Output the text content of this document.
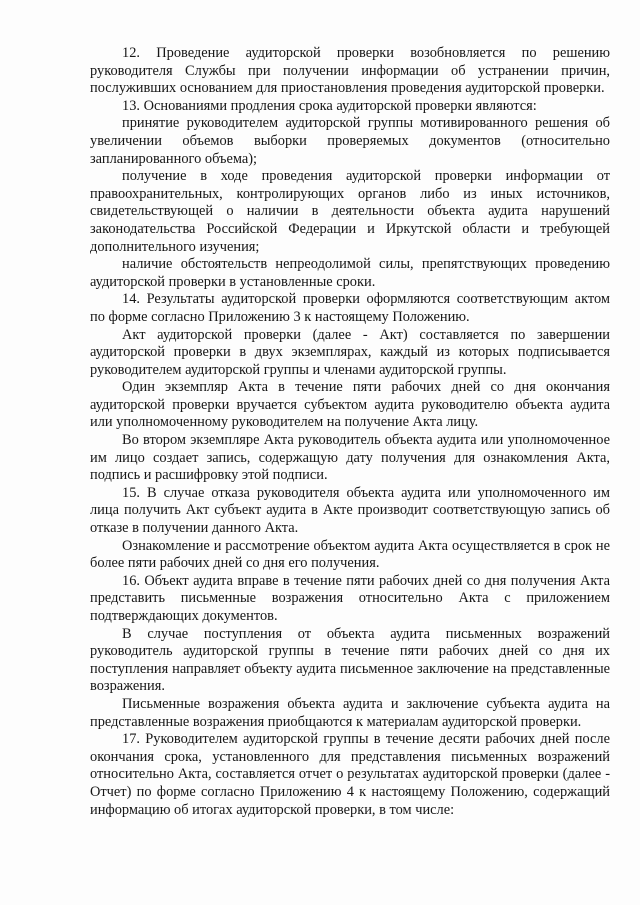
12. Проведение аудиторской проверки возобновляется по решению руководителя Службы при получении информации об устранении причин, послуживших основанием для приостановления проведения аудиторской проверки.

13. Основаниями продления срока аудиторской проверки являются:

принятие руководителем аудиторской группы мотивированного решения об увеличении объемов выборки проверяемых документов (относительно запланированного объема);

получение в ходе проведения аудиторской проверки информации от правоохранительных, контролирующих органов либо из иных источников, свидетельствующей о наличии в деятельности объекта аудита нарушений законодательства Российской Федерации и Иркутской области и требующей дополнительного изучения;

наличие обстоятельств непреодолимой силы, препятствующих проведению аудиторской проверки в установленные сроки.

14. Результаты аудиторской проверки оформляются соответствующим актом по форме согласно Приложению 3 к настоящему Положению.

Акт аудиторской проверки (далее - Акт) составляется по завершении аудиторской проверки в двух экземплярах, каждый из которых подписывается руководителем аудиторской группы и членами аудиторской группы.

Один экземпляр Акта в течение пяти рабочих дней со дня окончания аудиторской проверки вручается субъектом аудита руководителю объекта аудита или уполномоченному руководителем на получение Акта лицу.

Во втором экземпляре Акта руководитель объекта аудита или уполномоченное им лицо создает запись, содержащую дату получения для ознакомления Акта, подпись и расшифровку этой подписи.

15. В случае отказа руководителя объекта аудита или уполномоченного им лица получить Акт субъект аудита в Акте производит соответствующую запись об отказе в получении данного Акта.

Ознакомление и рассмотрение объектом аудита Акта осуществляется в срок не более пяти рабочих дней со дня его получения.

16. Объект аудита вправе в течение пяти рабочих дней со дня получения Акта представить письменные возражения относительно Акта с приложением подтверждающих документов.

В случае поступления от объекта аудита письменных возражений руководитель аудиторской группы в течение пяти рабочих дней со дня их поступления направляет объекту аудита письменное заключение на представленные возражения.

Письменные возражения объекта аудита и заключение субъекта аудита на представленные возражения приобщаются к материалам аудиторской проверки.

17. Руководителем аудиторской группы в течение десяти рабочих дней после окончания срока, установленного для представления письменных возражений относительно Акта, составляется отчет о результатах аудиторской проверки (далее - Отчет) по форме согласно Приложению 4 к настоящему Положению, содержащий информацию об итогах аудиторской проверки, в том числе:
